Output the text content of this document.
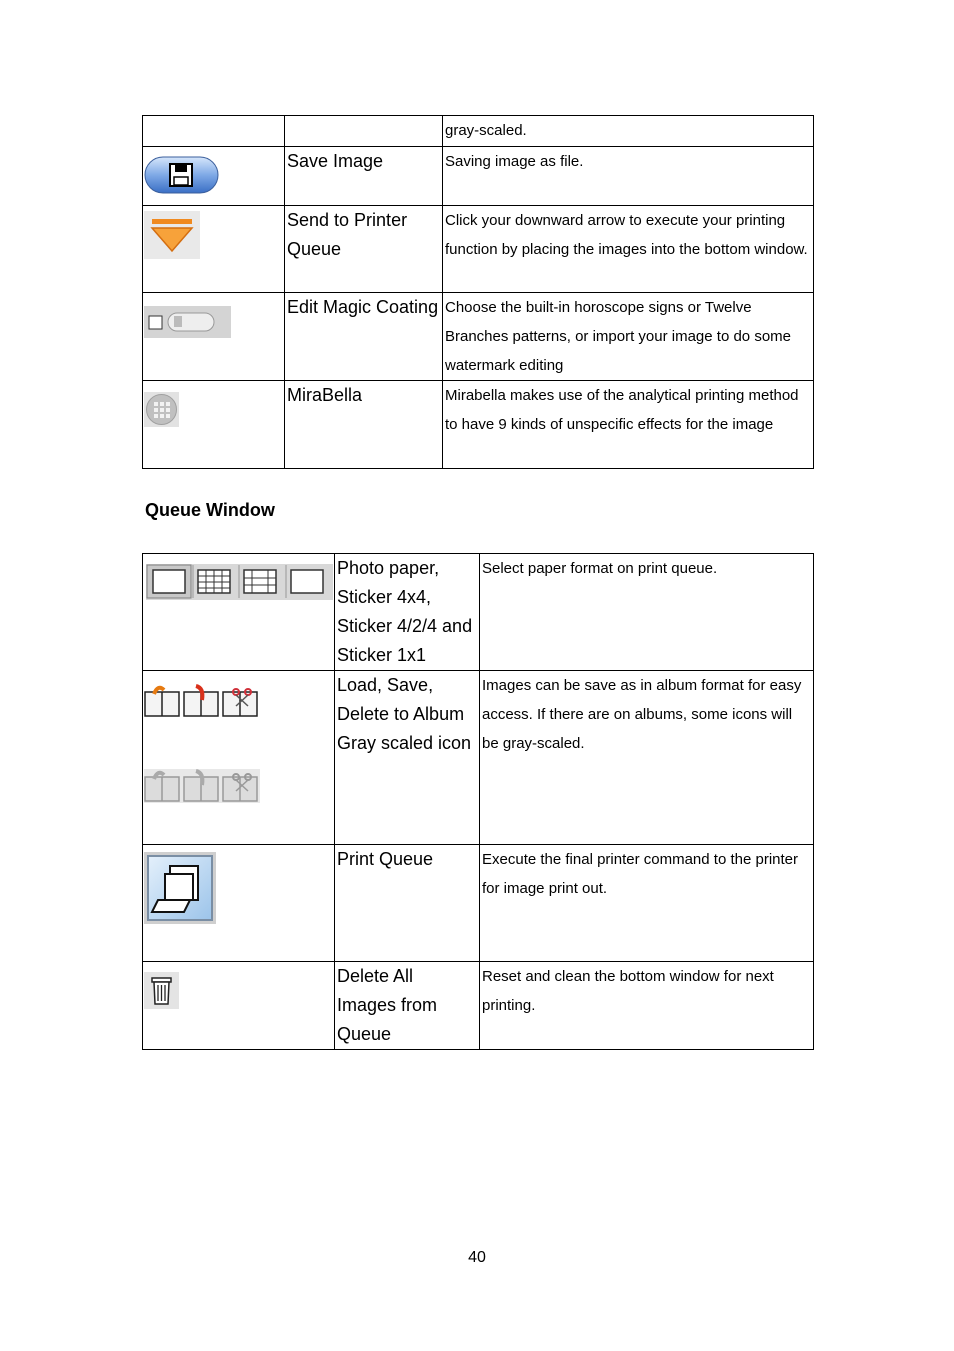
		gray-scaled.

	Save Image	Saving image as file.

	Send to Printer Queue	Click your downward arrow to execute your printing function by placing the images into the bottom window.

	Edit Magic Coating	Choose the built-in horoscope signs or Twelve Branches patterns, or import your image to do some watermark editing

	MiraBella	Mirabella makes use of the analytical printing method to have 9 kinds of unspecific effects for the image
Queue Window
	Photo paper, Sticker 4x4, Sticker 4/2/4 and Sticker 1x1	Select paper format on print queue.

	Load, Save, Delete to Album Gray scaled icon	Images can be save as in album format for easy access. If there are on albums, some icons will be gray-scaled.

	Print Queue	Execute the final printer command to the printer for image print out.

	Delete All Images from Queue	Reset and clean the bottom window for next printing.
40
